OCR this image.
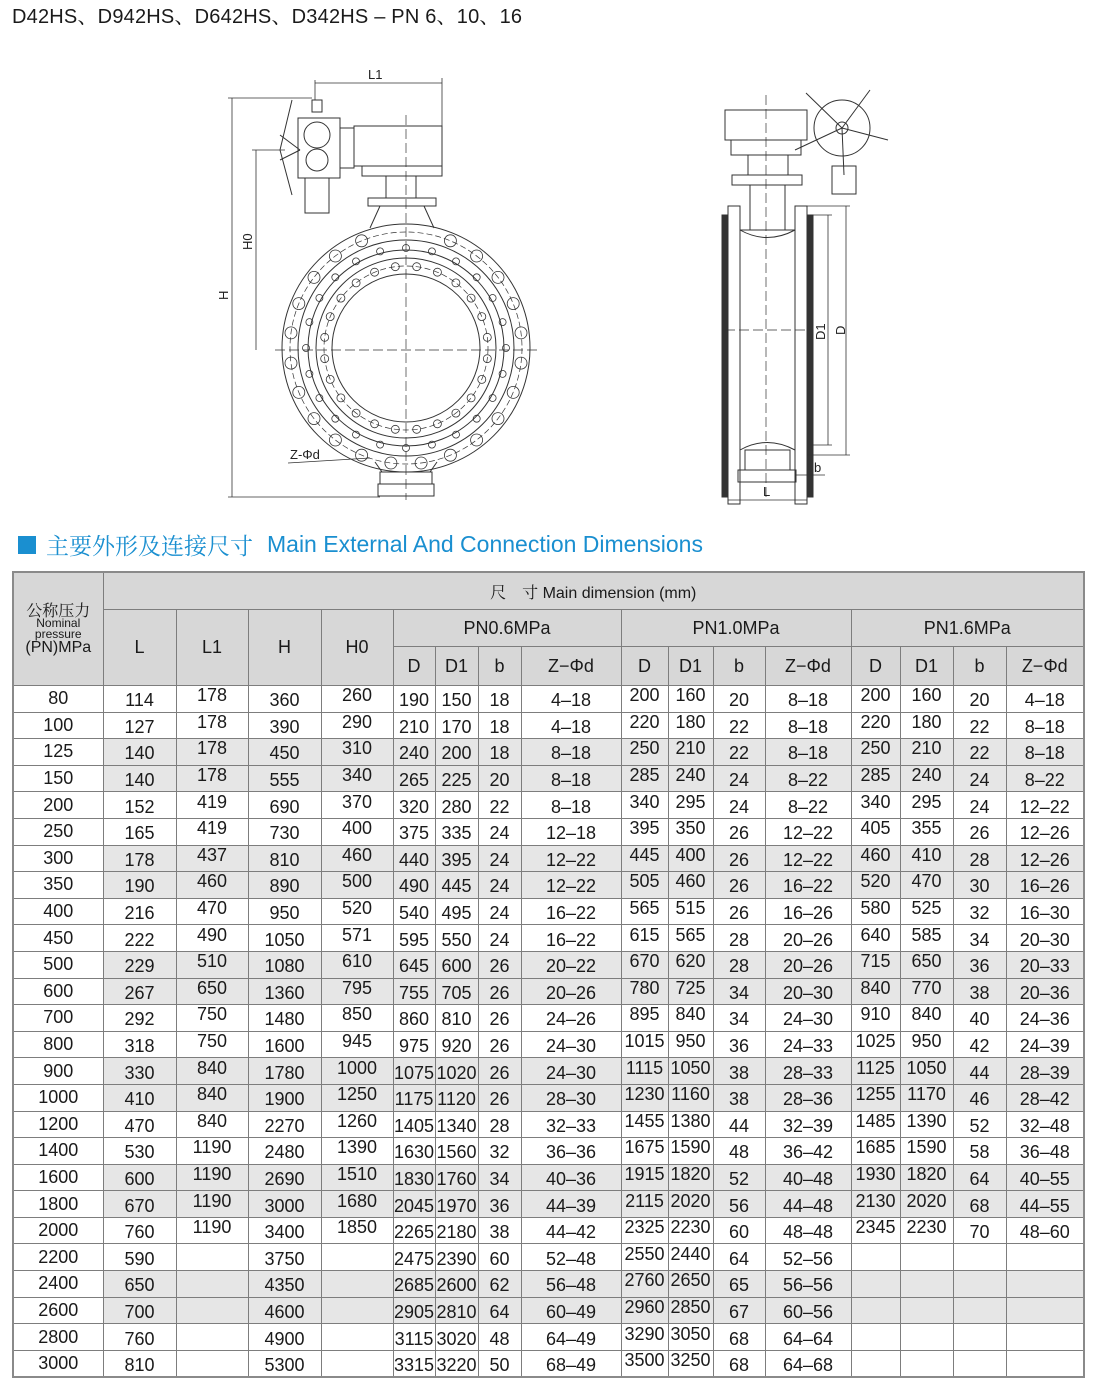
D42HS、D942HS、D642HS、D342HS – PN 6、10、16
L1
H
H0
Z-Φd
D1 D
b
L
主要外形及连接尺寸 Main External And Connection Dimensions
公称压力
Nominal
pressure
(PN)MPa	尺　寸 Main dimension (mm)															
	L	L1	H	H0	PN0.6MPa				PN1.0MPa				PN1.6MPa			
					D	D1	b	Z−Φd	D	D1	b	Z−Φd	D	D1	b	Z−Φd
80	114	178	360	260	190	150	18	4–18	200	160	20	8–18	200	160	20	4–18
100	127	178	390	290	210	170	18	4–18	220	180	22	8–18	220	180	22	8–18
125	140	178	450	310	240	200	18	8–18	250	210	22	8–18	250	210	22	8–18
150	140	178	555	340	265	225	20	8–18	285	240	24	8–22	285	240	24	8–22
200	152	419	690	370	320	280	22	8–18	340	295	24	8–22	340	295	24	12–22
250	165	419	730	400	375	335	24	12–18	395	350	26	12–22	405	355	26	12–26
300	178	437	810	460	440	395	24	12–22	445	400	26	12–22	460	410	28	12–26
350	190	460	890	500	490	445	24	12–22	505	460	26	16–22	520	470	30	16–26
400	216	470	950	520	540	495	24	16–22	565	515	26	16–26	580	525	32	16–30
450	222	490	1050	571	595	550	24	16–22	615	565	28	20–26	640	585	34	20–30
500	229	510	1080	610	645	600	26	20–22	670	620	28	20–26	715	650	36	20–33
600	267	650	1360	795	755	705	26	20–26	780	725	34	20–30	840	770	38	20–36
700	292	750	1480	850	860	810	26	24–26	895	840	34	24–30	910	840	40	24–36
800	318	750	1600	945	975	920	26	24–30	1015	950	36	24–33	1025	950	42	24–39
900	330	840	1780	1000	1075	1020	26	24–30	1115	1050	38	28–33	1125	1050	44	28–39
1000	410	840	1900	1250	1175	1120	26	28–30	1230	1160	38	28–36	1255	1170	46	28–42
1200	470	840	2270	1260	1405	1340	28	32–33	1455	1380	44	32–39	1485	1390	52	32–48
1400	530	1190	2480	1390	1630	1560	32	36–36	1675	1590	48	36–42	1685	1590	58	36–48
1600	600	1190	2690	1510	1830	1760	34	40–36	1915	1820	52	40–48	1930	1820	64	40–55
1800	670	1190	3000	1680	2045	1970	36	44–39	2115	2020	56	44–48	2130	2020	68	44–55
2000	760	1190	3400	1850	2265	2180	38	44–42	2325	2230	60	48–48	2345	2230	70	48–60
2200	590		3750		2475	2390	60	52–48	2550	2440	64	52–56				
2400	650		4350		2685	2600	62	56–48	2760	2650	65	56–56				
2600	700		4600		2905	2810	64	60–49	2960	2850	67	60–56				
2800	760		4900		3115	3020	48	64–49	3290	3050	68	64–64				
3000	810		5300		3315	3220	50	68–49	3500	3250	68	64–68				
